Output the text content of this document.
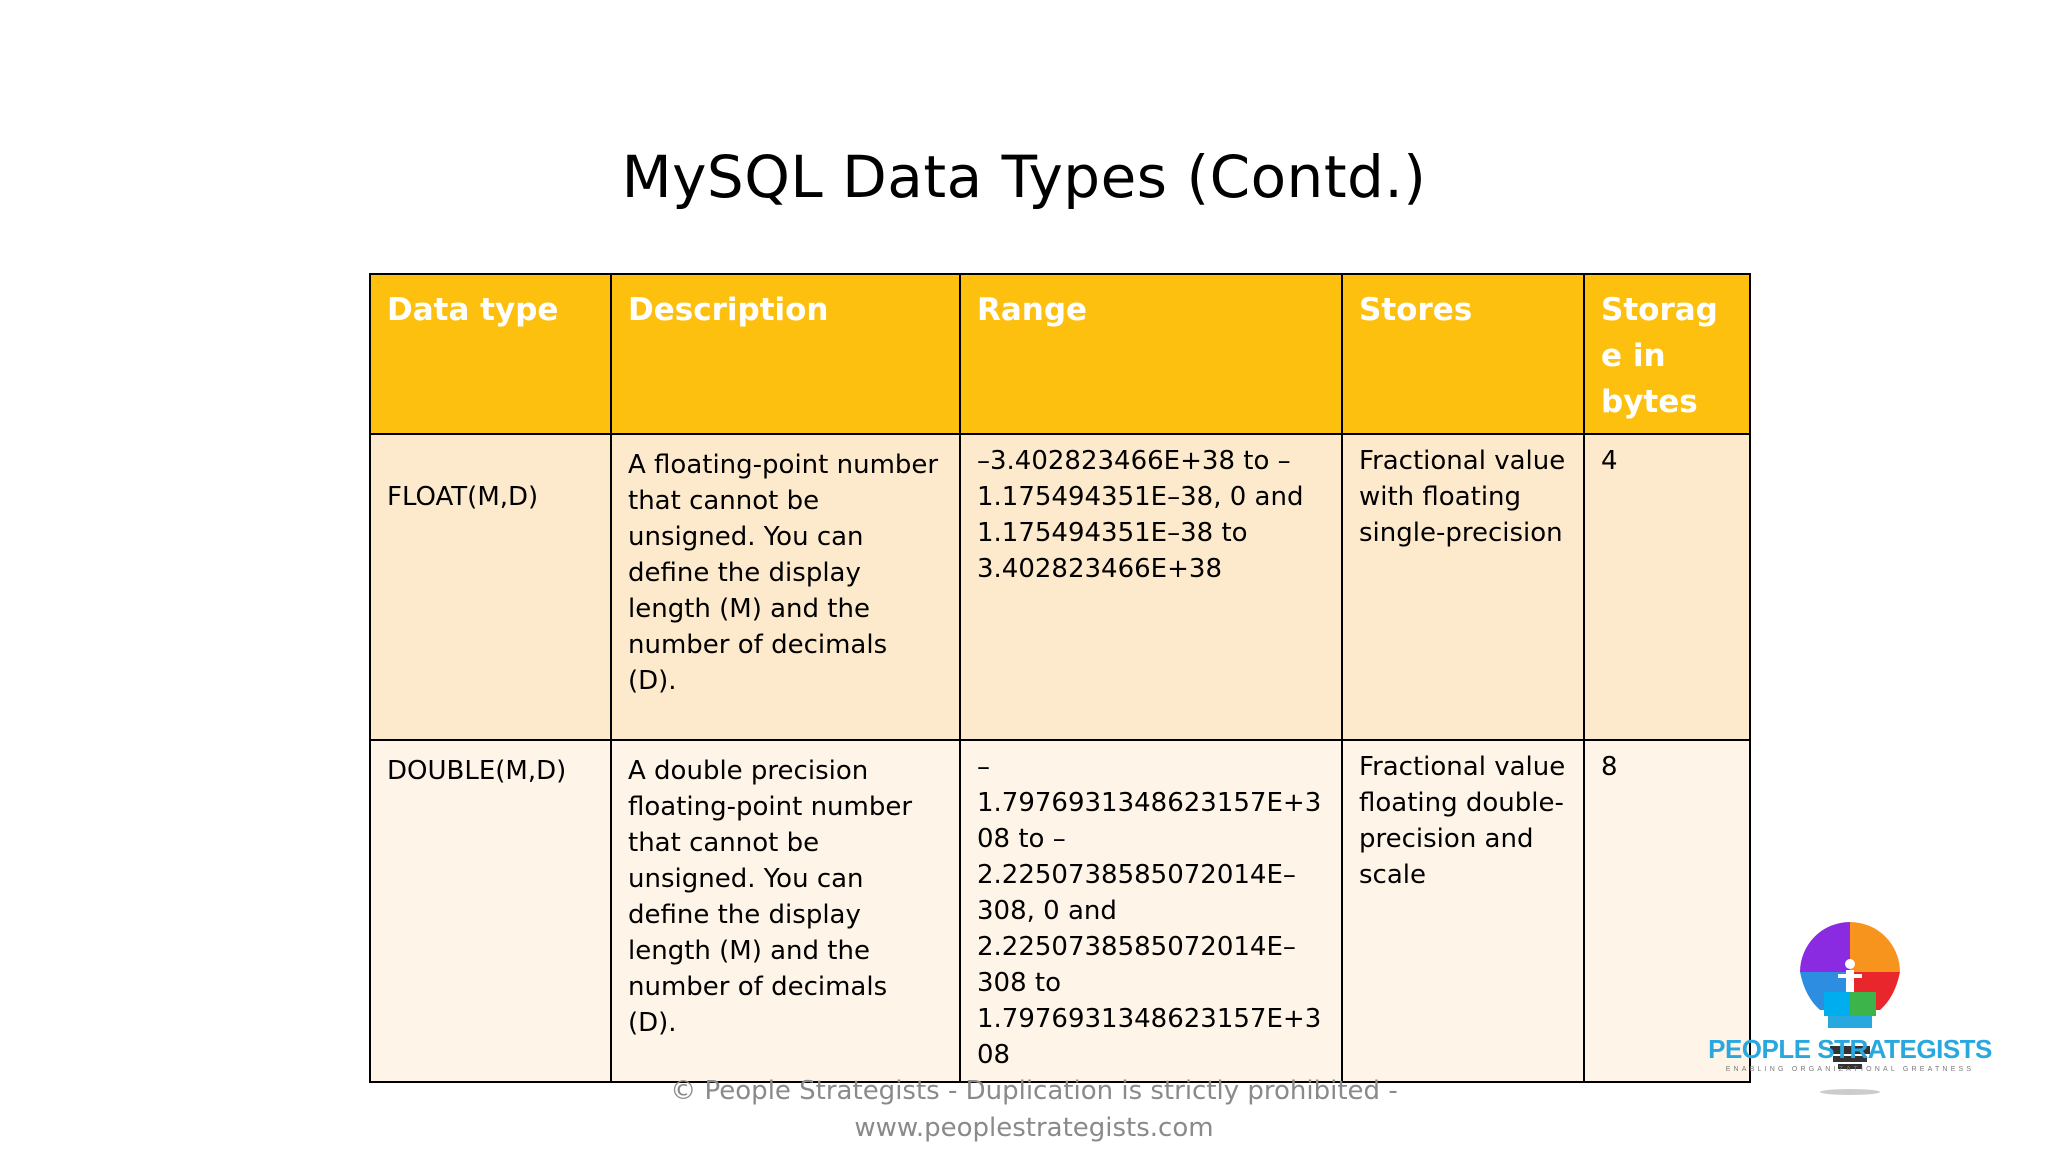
MySQL Data Types (Contd.)
Data type	Description	Range	Stores	Storage in bytes
FLOAT(M,D)	A floating-point number that cannot be unsigned. You can define the display length (M) and the number of decimals (D).	–3.402823466E+38 to –1.175494351E–38, 0 and 1.175494351E–38 to 3.402823466E+38	Fractional value with floating single-precision	4
DOUBLE(M,D)	A double precision floating-point number that cannot be unsigned. You can define the display length (M) and the number of decimals (D).	–1.7976931348623157E+308 to –2.2250738585072014E–308, 0 and 2.2250738585072014E–308 to 1.7976931348623157E+308	Fractional value floating double-precision and scale	8
© People Strategists - Duplication is strictly prohibited -
www.peoplestrategists.com
PEOPLE STRATEGISTS
ENABLING ORGANIZATIONAL GREATNESS
